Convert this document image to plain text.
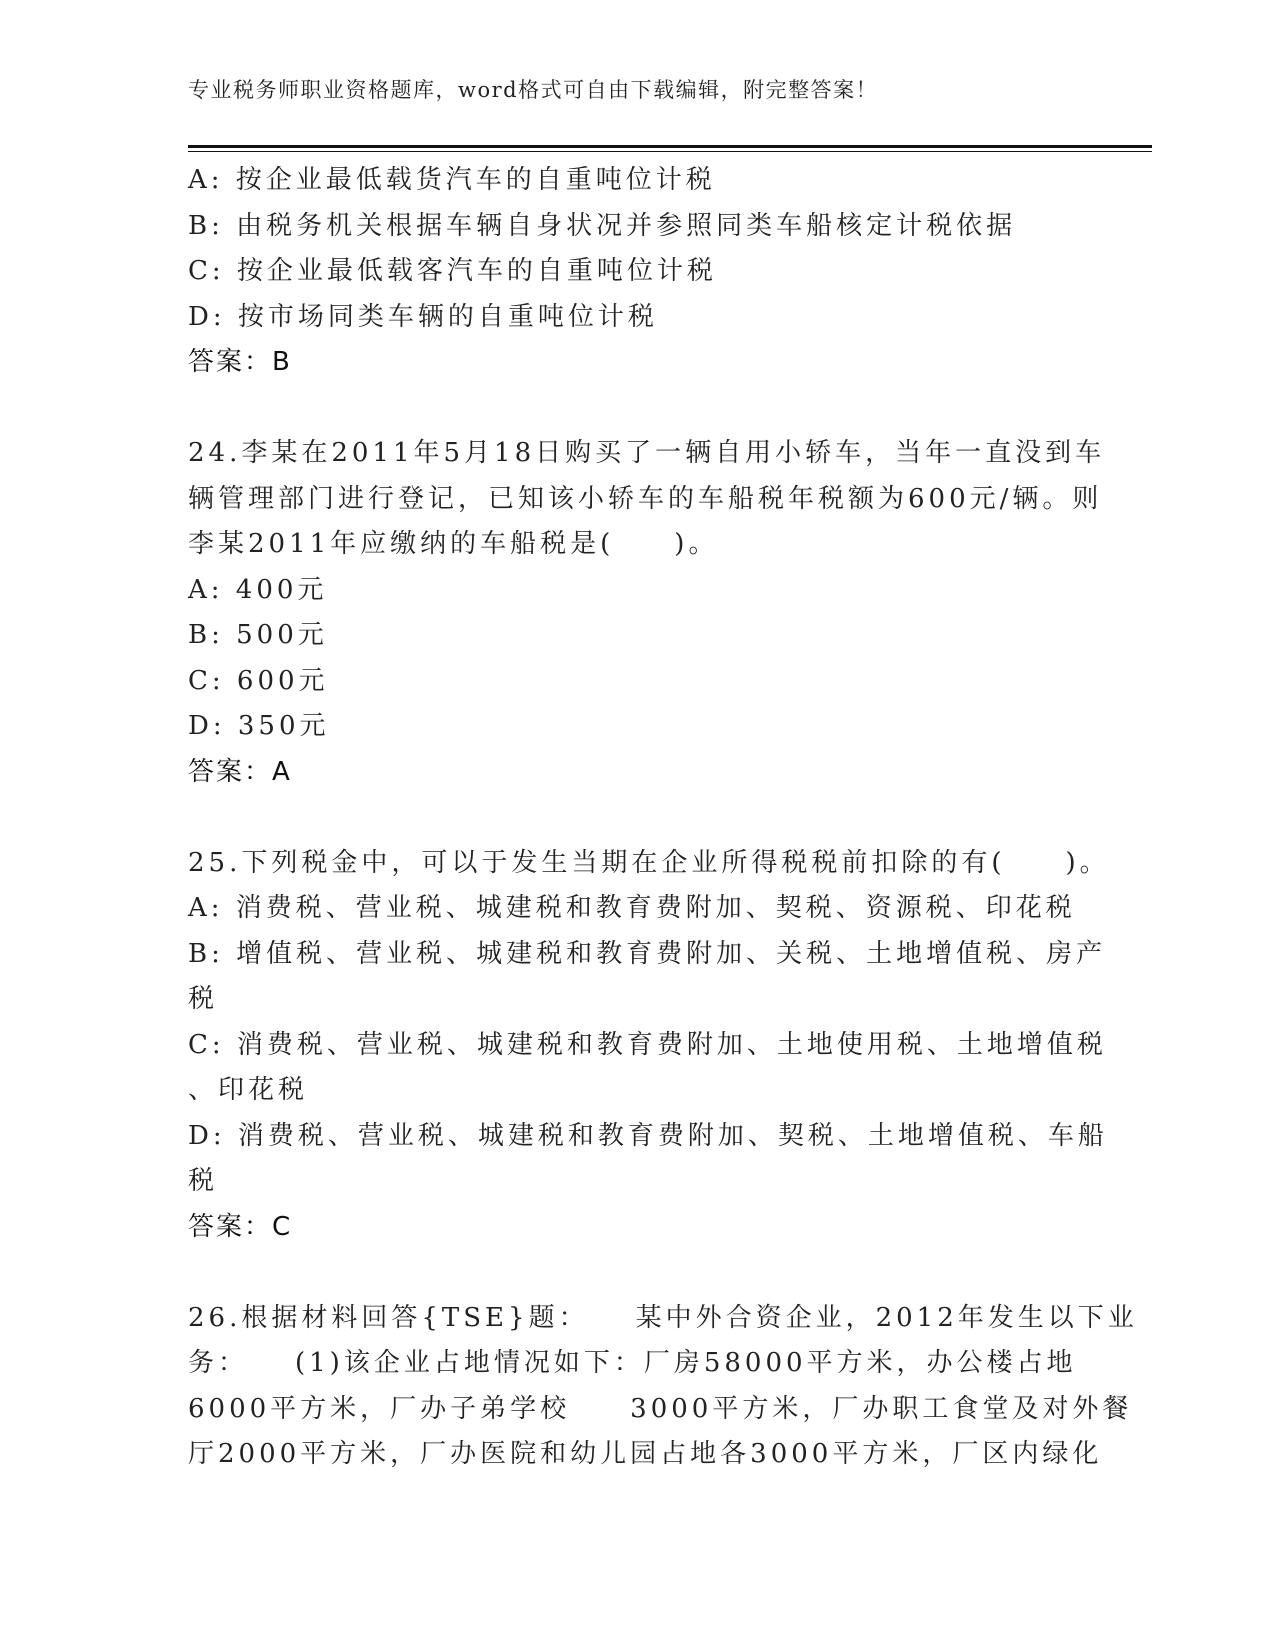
专业税务师职业资格题库，word格式可自由下载编辑，附完整答案！
A: 按企业最低载货汽车的自重吨位计税
B: 由税务机关根据车辆自身状况并参照同类车船核定计税依据
C: 按企业最低载客汽车的自重吨位计税
D: 按市场同类车辆的自重吨位计税
答案：B
24.李某在2011年5月18日购买了一辆自用小轿车，当年一直没到车
辆管理部门进行登记，已知该小轿车的车船税年税额为600元/辆。则
李某2011年应缴纳的车船税是(　　)。
A: 400元
B: 500元
C: 600元
D: 350元
答案：A
25.下列税金中，可以于发生当期在企业所得税税前扣除的有(　　)。
A: 消费税、营业税、城建税和教育费附加、契税、资源税、印花税
B: 增值税、营业税、城建税和教育费附加、关税、土地增值税、房产
税
C: 消费税、营业税、城建税和教育费附加、土地使用税、土地增值税
、印花税
D: 消费税、营业税、城建税和教育费附加、契税、土地增值税、车船
税
答案：C
26.根据材料回答{TSE}题：　　某中外合资企业，2012年发生以下业
务：　　(1)该企业占地情况如下：厂房58000平方米，办公楼占地
6000平方米，厂办子弟学校　　3000平方米，厂办职工食堂及对外餐
厅2000平方米，厂办医院和幼儿园占地各3000平方米，厂区内绿化
